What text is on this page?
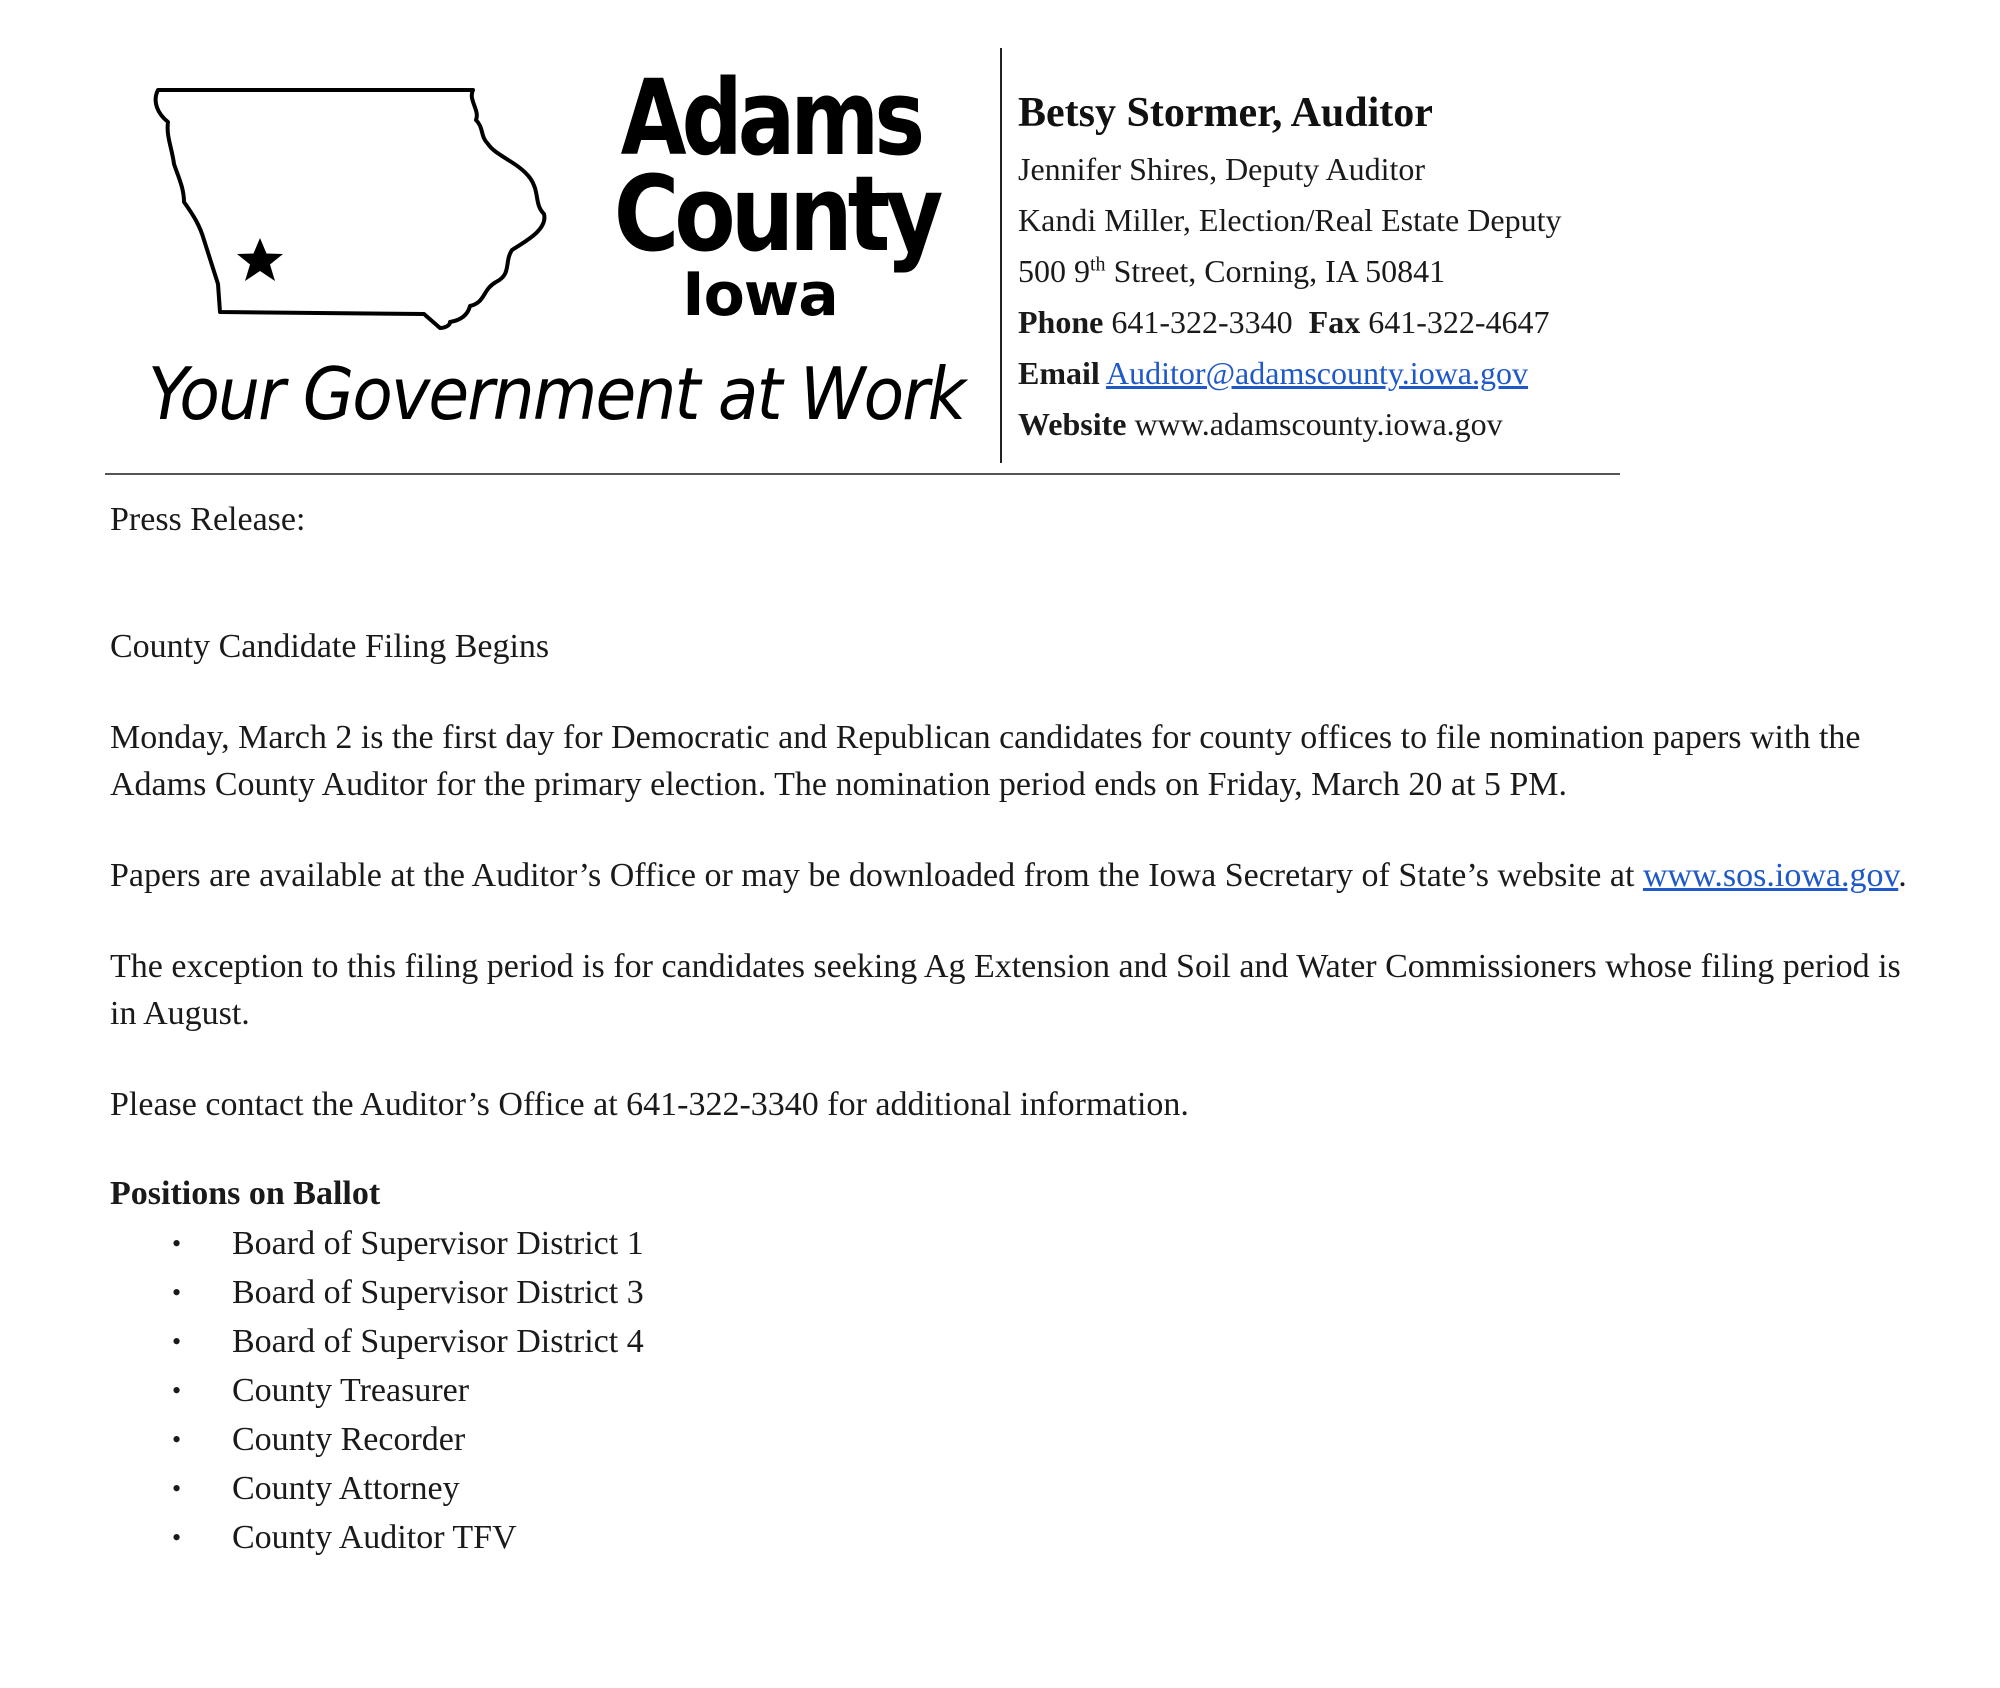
Adams
County
Iowa
Your Government at Work
Betsy Stormer, Auditor
Jennifer Shires, Deputy Auditor
Kandi Miller, Election/Real Estate Deputy
500 9th Street, Corning, IA 50841
Phone 641-322-3340 Fax 641-322-4647
Email Auditor@adamscounty.iowa.gov
Website www.adamscounty.iowa.gov

Press Release:

County Candidate Filing Begins

Monday, March 2 is the first day for Democratic and Republican candidates for county offices to file nomination papers with the Adams County Auditor for the primary election. The nomination period ends on Friday, March 20 at 5 PM.

Papers are available at the Auditor’s Office or may be downloaded from the Iowa Secretary of State’s website at www.sos.iowa.gov.

The exception to this filing period is for candidates seeking Ag Extension and Soil and Water Commissioners whose filing period is in August.

Please contact the Auditor’s Office at 641-322-3340 for additional information.

Positions on Ballot

• Board of Supervisor District 1
• Board of Supervisor District 3
• Board of Supervisor District 4
• County Treasurer
• County Recorder
• County Attorney
• County Auditor TFV
